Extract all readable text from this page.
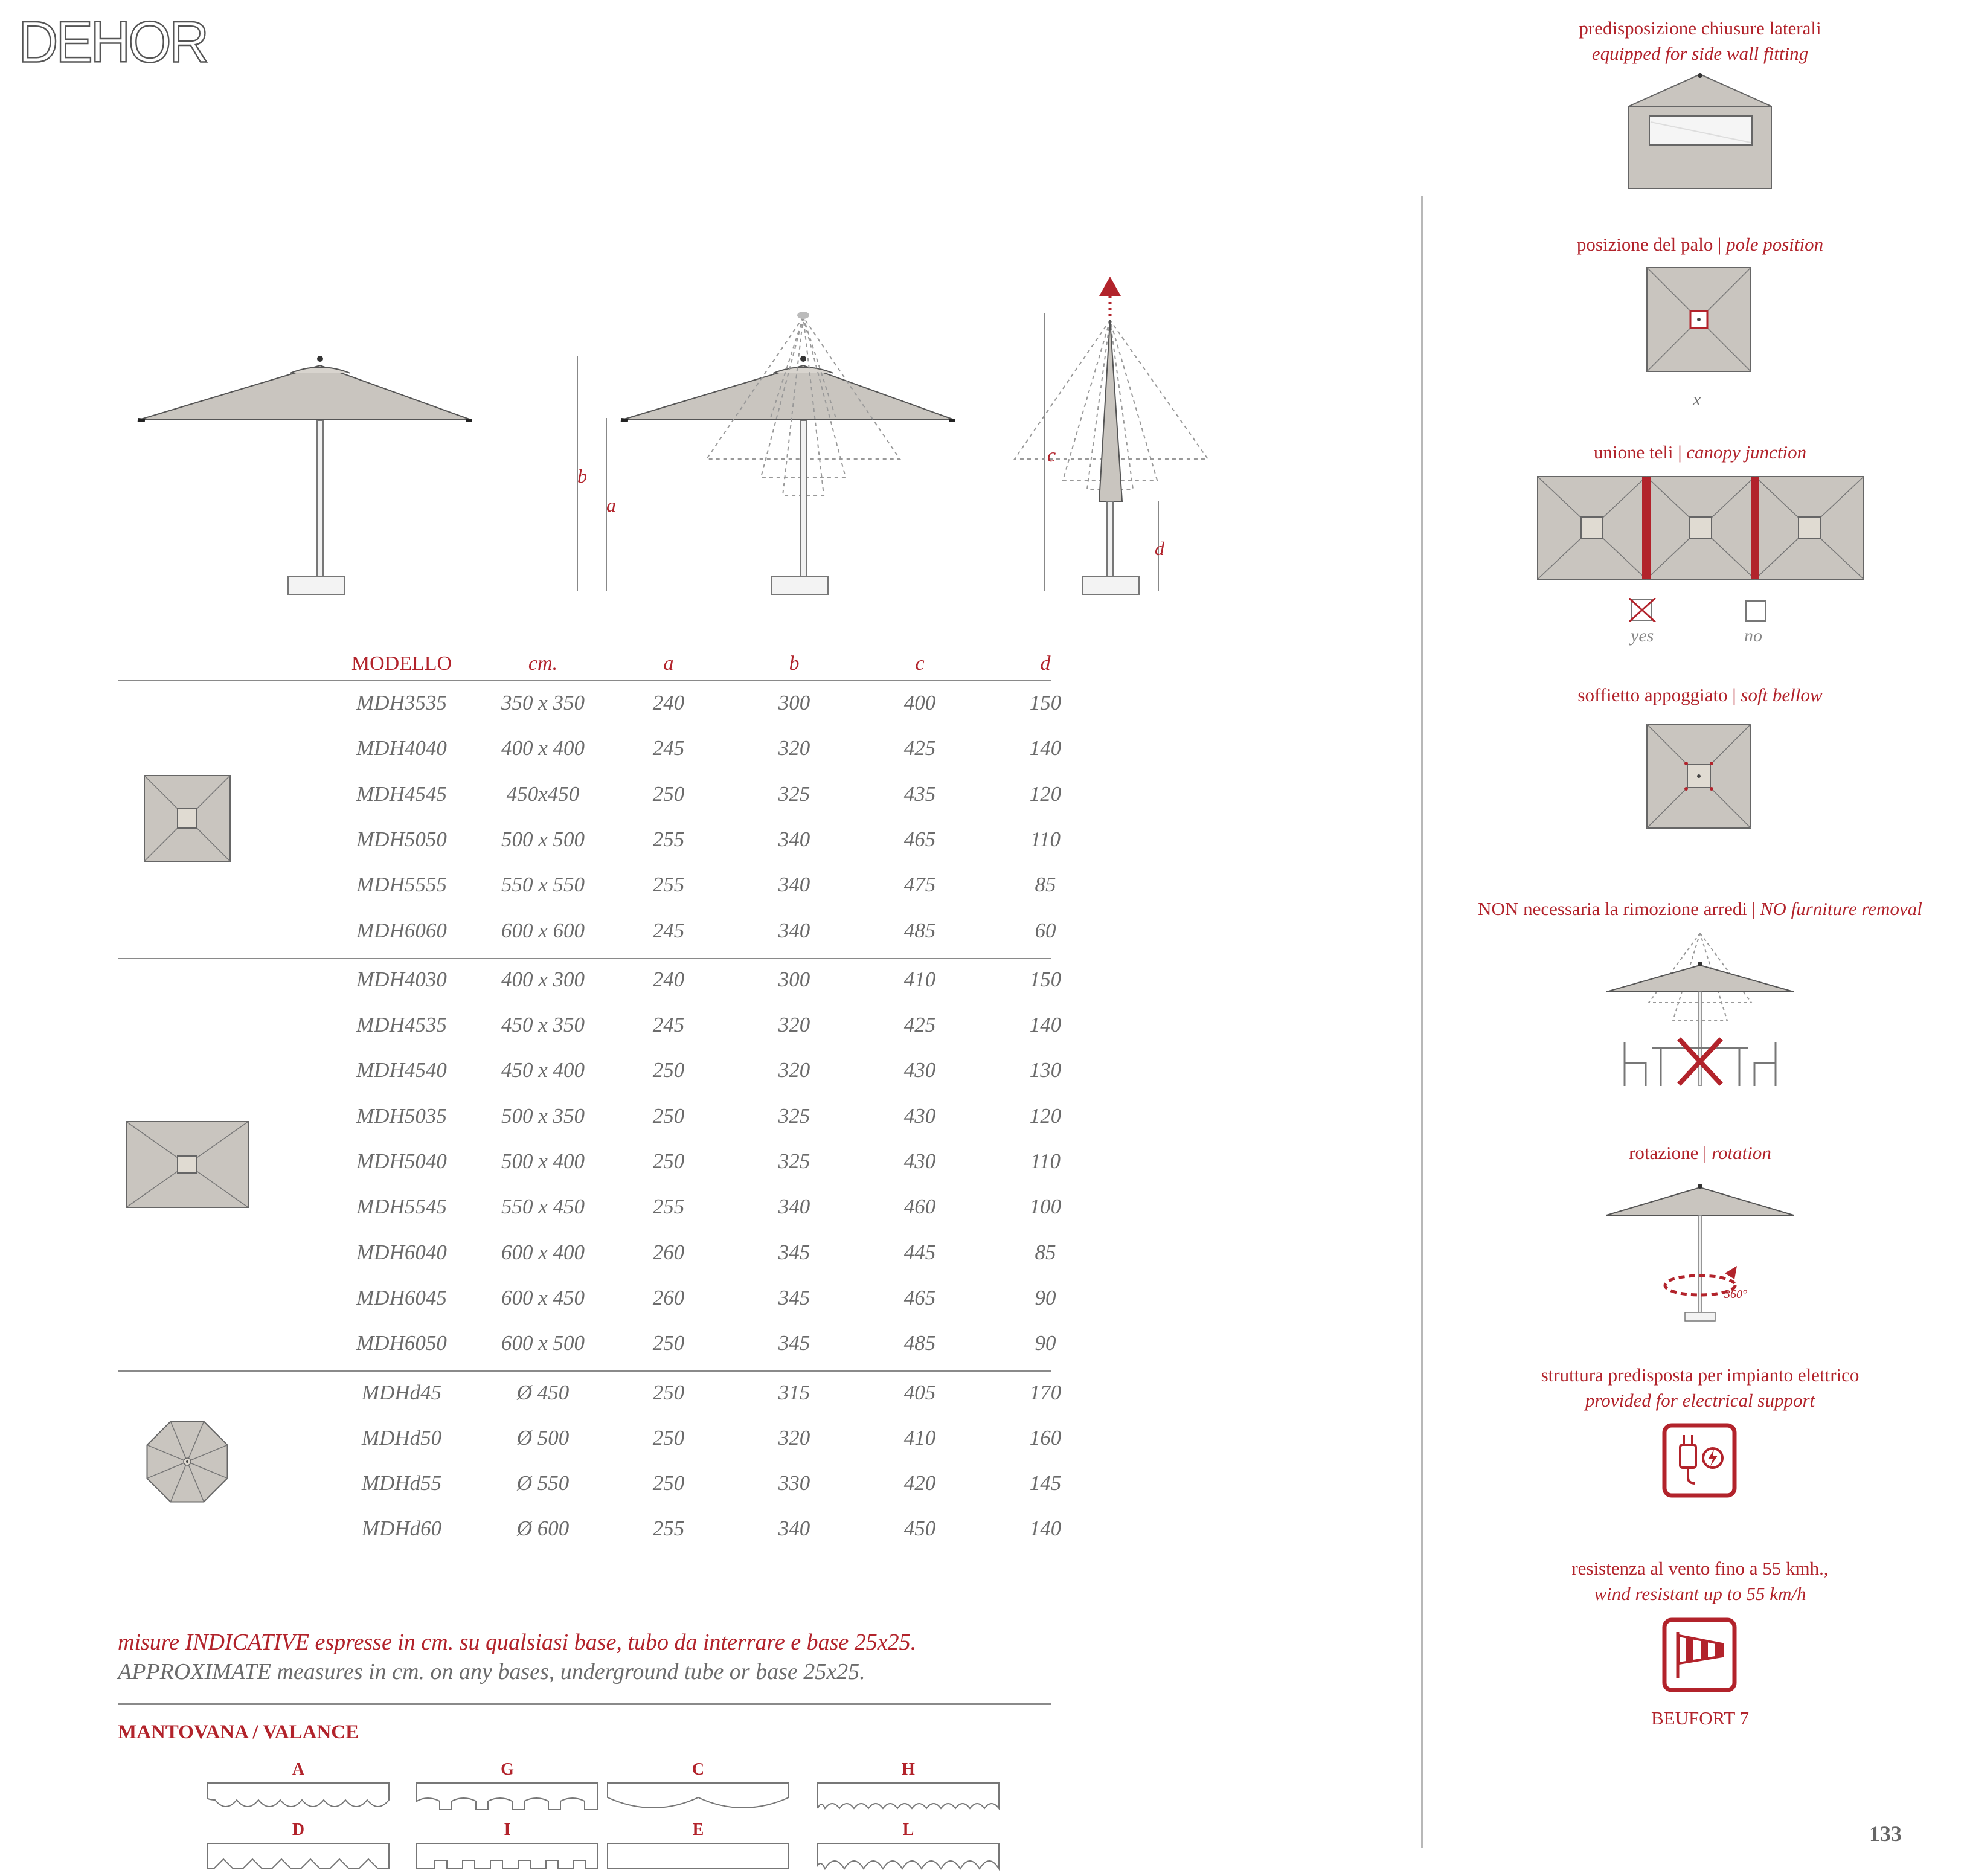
DEHOR
b
a
c
d
MODELLO	cm.	a	b	c	d
MDH3535	350 x 350	240	300	400	150
MDH4040	400 x 400	245	320	425	140
MDH4545	450x450	250	325	435	120
MDH5050	500 x 500	255	340	465	110
MDH5555	550 x 550	255	340	475	85
MDH6060	600 x 600	245	340	485	60
MDH4030	400 x 300	240	300	410	150
MDH4535	450 x 350	245	320	425	140
MDH4540	450 x 400	250	320	430	130
MDH5035	500 x 350	250	325	430	120
MDH5040	500 x 400	250	325	430	110
MDH5545	550 x 450	255	340	460	100
MDH6040	600 x 400	260	345	445	85
MDH6045	600 x 450	260	345	465	90
MDH6050	600 x 500	250	345	485	90
MDHd45	Ø 450	250	315	405	170
MDHd50	Ø 500	250	320	410	160
MDHd55	Ø 550	250	330	420	145
MDHd60	Ø 600	255	340	450	140
misure INDICATIVE espresse in cm. su qualsiasi base, tubo da interrare e base 25x25.
APPROXIMATE measures in cm. on any bases, underground tube or base 25x25.
MANTOVANA / VALANCE
A	G	C	H
D	I	E	L
predisposizione chiusure laterali
equipped for side wall fitting
posizione del palo | pole position
x
unione teli | canopy junction
yes	no
soffietto appoggiato | soft bellow
NON necessaria la rimozione arredi | NO furniture removal
rotazione | rotation
360°
struttura predisposta per impianto elettrico
provided for electrical support
resistenza al vento fino a 55 kmh.,
wind resistant up to 55 km/h
BEUFORT 7
133
